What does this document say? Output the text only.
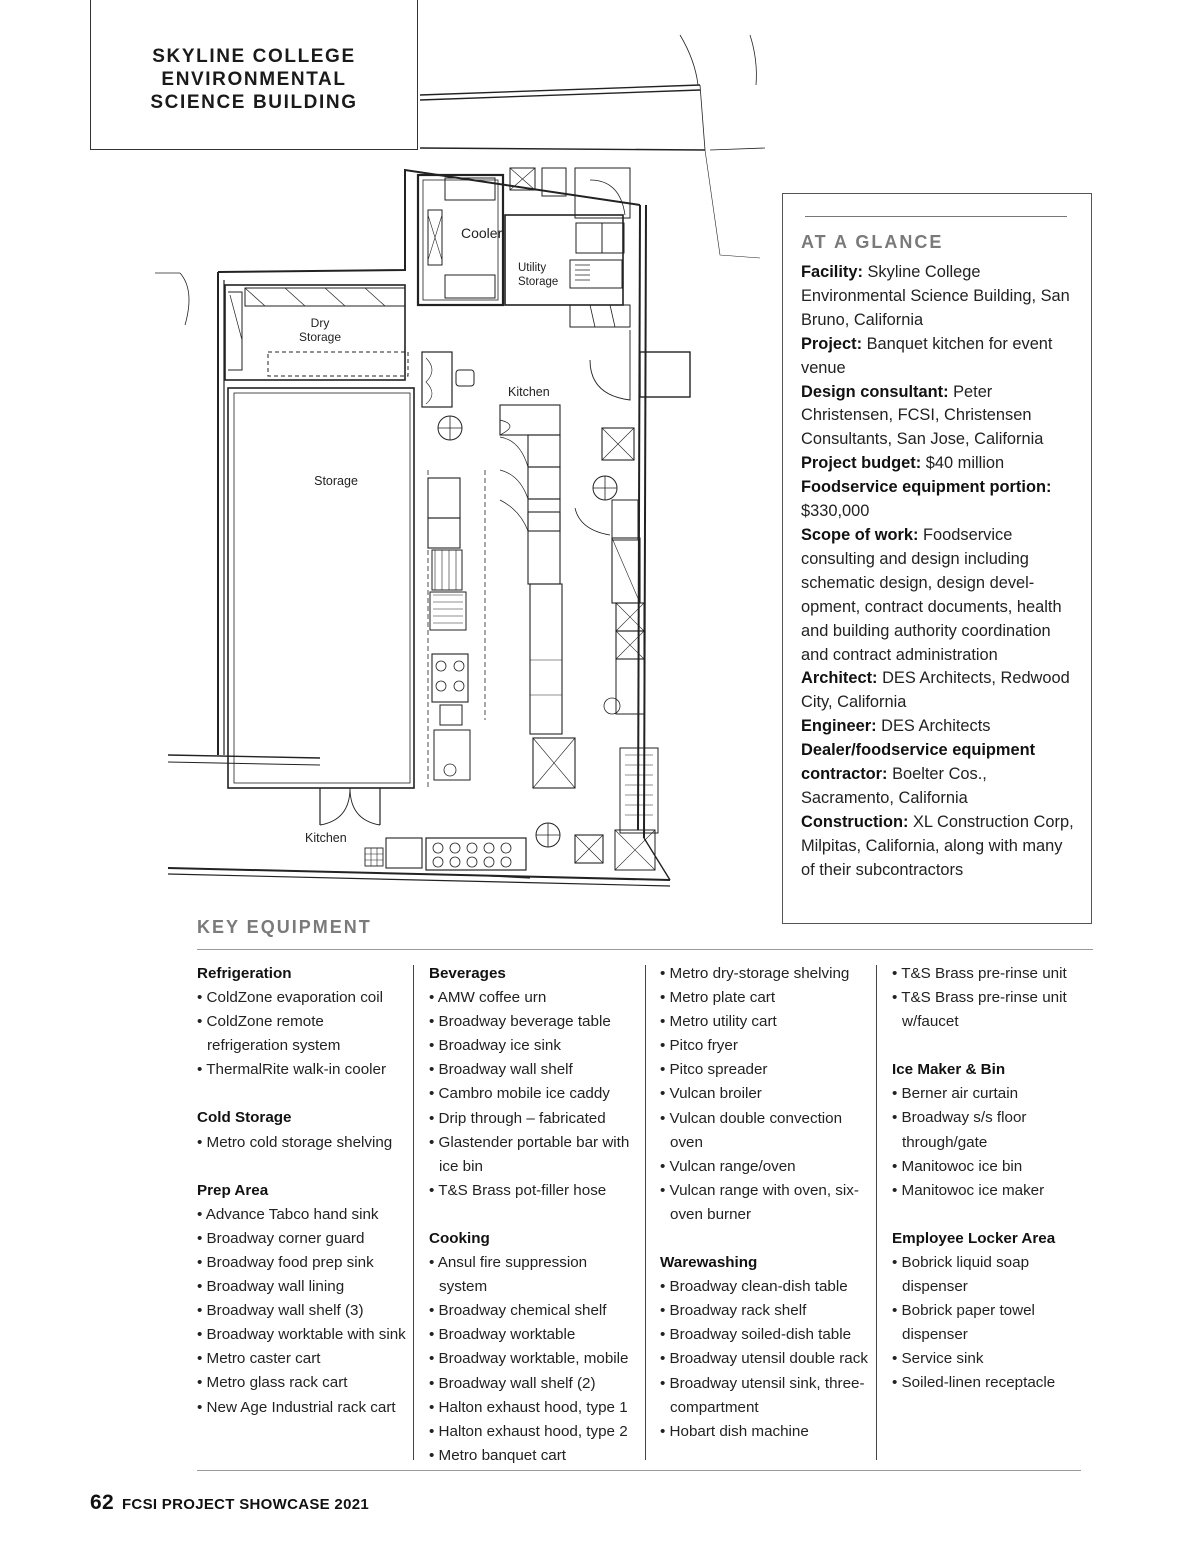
SKYLINE COLLEGE
ENVIRONMENTAL
SCIENCE BUILDING
Cooler
Utility
Storage
Dry
Storage
Kitchen
Storage
Kitchen
AT A GLANCE
Facility: Skyline College Environmental Science Building, San Bruno, California
Project: Banquet kitchen for event venue
Design consultant: Peter Christensen, FCSI, Christensen Consultants, San Jose, California
Project budget: $40 million
Foodservice equipment portion: $330,000
Scope of work: Foodservice consulting and design including schematic design, design devel-opment, contract documents, health and building authority coordination and contract administration
Architect: DES Architects, Redwood City, California
Engineer: DES Architects
Dealer/foodservice equipment contractor: Boelter Cos., Sacramento, California
Construction: XL Construction Corp, Milpitas, California, along with many of their subcontractors
KEY EQUIPMENT
Refrigeration
• ColdZone evaporation coil
• ColdZone remote refrigeration system
• ThermalRite walk-in cooler
Cold Storage
• Metro cold storage shelving
Prep Area
• Advance Tabco hand sink
• Broadway corner guard
• Broadway food prep sink
• Broadway wall lining
• Broadway wall shelf (3)
• Broadway worktable with sink
• Metro caster cart
• Metro glass rack cart
• New Age Industrial rack cart
Beverages
• AMW coffee urn
• Broadway beverage table
• Broadway ice sink
• Broadway wall shelf
• Cambro mobile ice caddy
• Drip through – fabricated
• Glastender portable bar with ice bin
• T&S Brass pot-filler hose
Cooking
• Ansul fire suppression system
• Broadway chemical shelf
• Broadway worktable
• Broadway worktable, mobile
• Broadway wall shelf (2)
• Halton exhaust hood, type 1
• Halton exhaust hood, type 2
• Metro banquet cart
• Metro dry-storage shelving
• Metro plate cart
• Metro utility cart
• Pitco fryer
• Pitco spreader
• Vulcan broiler
• Vulcan double convection oven
• Vulcan range/oven
• Vulcan range with oven, six-oven burner
Warewashing
• Broadway clean-dish table
• Broadway rack shelf
• Broadway soiled-dish table
• Broadway utensil double rack
• Broadway utensil sink, three-compartment
• Hobart dish machine
• T&S Brass pre-rinse unit
• T&S Brass pre-rinse unit w/faucet
Ice Maker & Bin
• Berner air curtain
• Broadway s/s floor through/gate
• Manitowoc ice bin
• Manitowoc ice maker
Employee Locker Area
• Bobrick liquid soap dispenser
• Bobrick paper towel dispenser
• Service sink
• Soiled-linen receptacle
62 FCSI PROJECT SHOWCASE 2021
